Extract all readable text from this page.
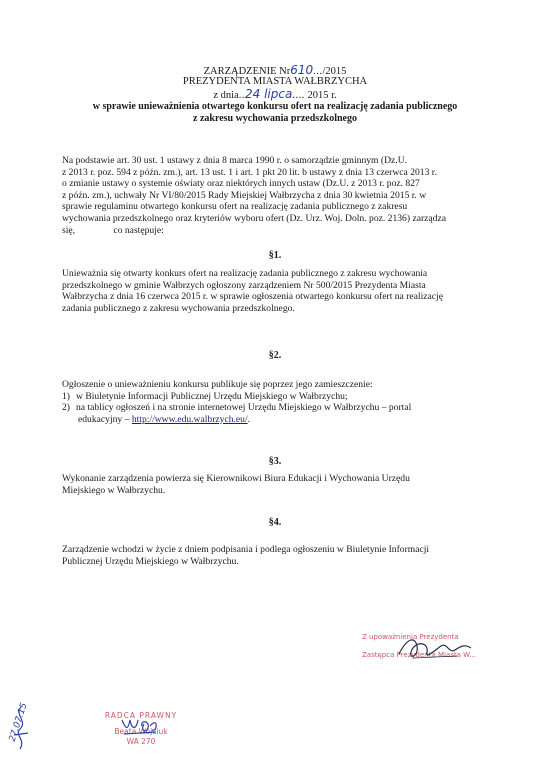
ZARZĄDZENIE Nr610.../2015
PREZYDENTA MIASTA WAŁBRZYCHA
z dnia..24 lipca.... 2015 r.
w sprawie unieważnienia otwartego konkursu ofert na realizację zadania publicznego
z zakresu wychowania przedszkolnego

Na podstawie art. 30 ust. 1 ustawy z dnia 8 marca 1990 r. o samorządzie gminnym (Dz.U.

z 2013 r. poz. 594 z późn. zm.), art. 13 ust. 1 i art. 1 pkt 20 lit. b ustawy z dnia 13 czerwca 2013 r.

o zmianie ustawy o systemie oświaty oraz niektórych innych ustaw (Dz.U. z 2013 r. poz. 827

z późn. zm.), uchwały Nr VI/80/2015 Rady Miejskiej Wałbrzycha z dnia 30 kwietnia 2015 r. w

sprawie regulaminu otwartego konkursu ofert na realizację zadania publicznego z zakresu

wychowania przedszkolnego oraz kryteriów wyboru ofert (Dz. Urz. Woj. Doln. poz. 2136) zarządza

się,                co następuje:

§1.

Unieważnia się otwarty konkurs ofert na realizację zadania publicznego z zakresu wychowania

przedszkolnego w gminie Wałbrzych ogłoszony zarządzeniem Nr 500/2015 Prezydenta Miasta

Wałbrzycha z dnia 16 czerwca 2015 r. w sprawie ogłoszenia otwartego konkursu ofert na realizację

zadania publicznego z zakresu wychowania przedszkolnego.

§2.

Ogłoszenie o unieważnieniu konkursu publikuje się poprzez jego zamieszczenie:

1) w Biuletynie Informacji Publicznej Urzędu Miejskiego w Wałbrzychu;
2) na tablicy ogłoszeń i na stronie internetowej Urzędu Miejskiego w Wałbrzychu – portal
edukacyjny – http://www.edu.walbrzych.eu/.
§3.

Wykonanie zarządzenia powierza się Kierownikowi Biura Edukacji i Wychowania Urzędu

Miejskiego w Wałbrzychu.

§4.

Zarządzenie wchodzi w życie z dniem podpisania i podlega ogłoszeniu w Biuletynie Informacji

Publicznej Urzędu Miejskiego w Wałbrzychu.

Z upoważnienia Prezydenta
Zastępca Prezydenta Miasta W...
RADCA PRAWNY
Beata Wojciuk
WA 270
27.07.15
